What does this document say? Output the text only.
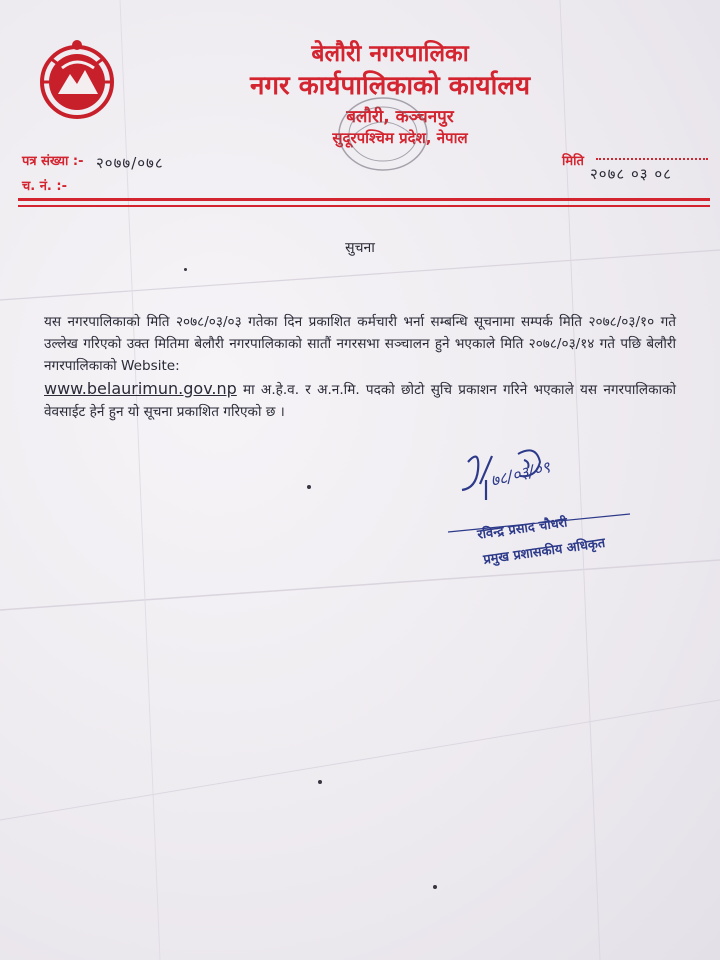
बेलौरी नगरपालिका
नगर कार्यपालिकाको कार्यालय
बलौरी, कञ्चनपुर
सुदूरपश्चिम प्रदेश, नेपाल
पत्र संख्या :- २०७७/०७८
च. नं. :-
मिति
२०७८ ०३ ०८
सुचना
यस नगरपालिकाको मिति २०७८/०३/०३ गतेका दिन प्रकाशित कर्मचारी भर्ना सम्बन्धि सूचनामा सम्पर्क मिति २०७८/०३/१० गते उल्लेख गरिएको उक्त मितिमा बेलौरी नगरपालिकाको सातौं नगरसभा सञ्चालन हुने भएकाले मिति २०७८/०३/१४ गते पछि बेलौरी नगरपालिकाको Website:
www.belaurimun.gov.np मा अ.हे.व. र अ.न.मि. पदको छोटो सुचि प्रकाशन गरिने भएकाले यस नगरपालिकाको वेवसाईट हेर्न हुन यो सूचना प्रकाशित गरिएको छ ।
७८/०३/०९
रविन्द्र प्रसाद चौधरी
प्रमुख प्रशासकीय अधिकृत
